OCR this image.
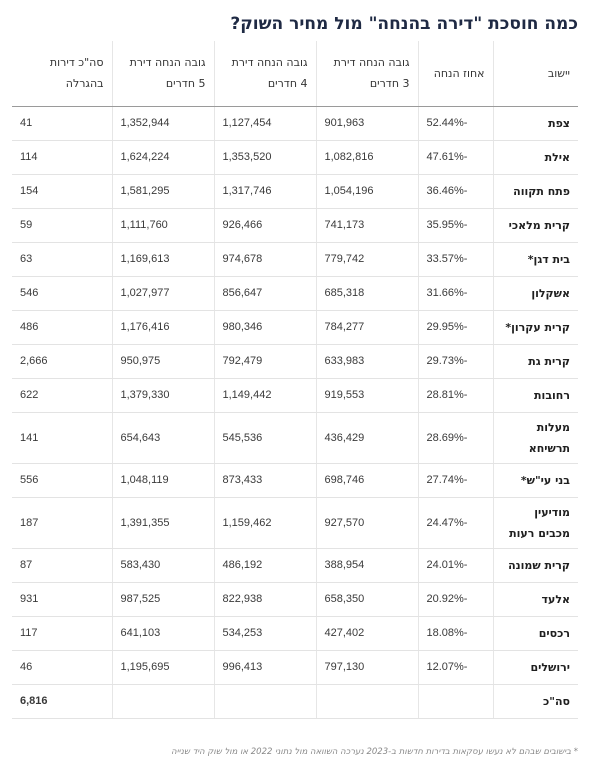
כמה חוסכת "דירה בהנחה" מול מחיר השוק?
יישוב	אחוז הנחה	גובה הנחה דירת 3 חדרים	גובה הנחה דירת 4 חדרים	גובה הנחה דירת 5 חדרים	סה"כ דירות בהגרלה
צפת	52.44%-	901,963	1,127,454	1,352,944	41
אילת	47.61%-	1,082,816	1,353,520	1,624,224	114
פתח תקווה	36.46%-	1,054,196	1,317,746	1,581,295	154
קרית מלאכי	35.95%-	741,173	926,466	1,111,760	59
בית דגן*	33.57%-	779,742	974,678	1,169,613	63
אשקלון	31.66%-	685,318	856,647	1,027,977	546
קרית עקרון*	29.95%-	784,277	980,346	1,176,416	486
קרית גת	29.73%-	633,983	792,479	950,975	2,666
רחובות	28.81%-	919,553	1,149,442	1,379,330	622
מעלות תרשיחא	28.69%-	436,429	545,536	654,643	141
בני עי"ש*	27.74%-	698,746	873,433	1,048,119	556
מודיעין מכבים רעות	24.47%-	927,570	1,159,462	1,391,355	187
קרית שמונה	24.01%-	388,954	486,192	583,430	87
אלעד	20.92%-	658,350	822,938	987,525	931
רכסים	18.08%-	427,402	534,253	641,103	117
ירושלים	12.07%-	797,130	996,413	1,195,695	46
סה"כ					6,816
* בישובים שבהם לא נעשו עסקאות בדירות חדשות ב-2023 נערכה השוואה מול נתוני 2022 או מול שוק היד שנייה
